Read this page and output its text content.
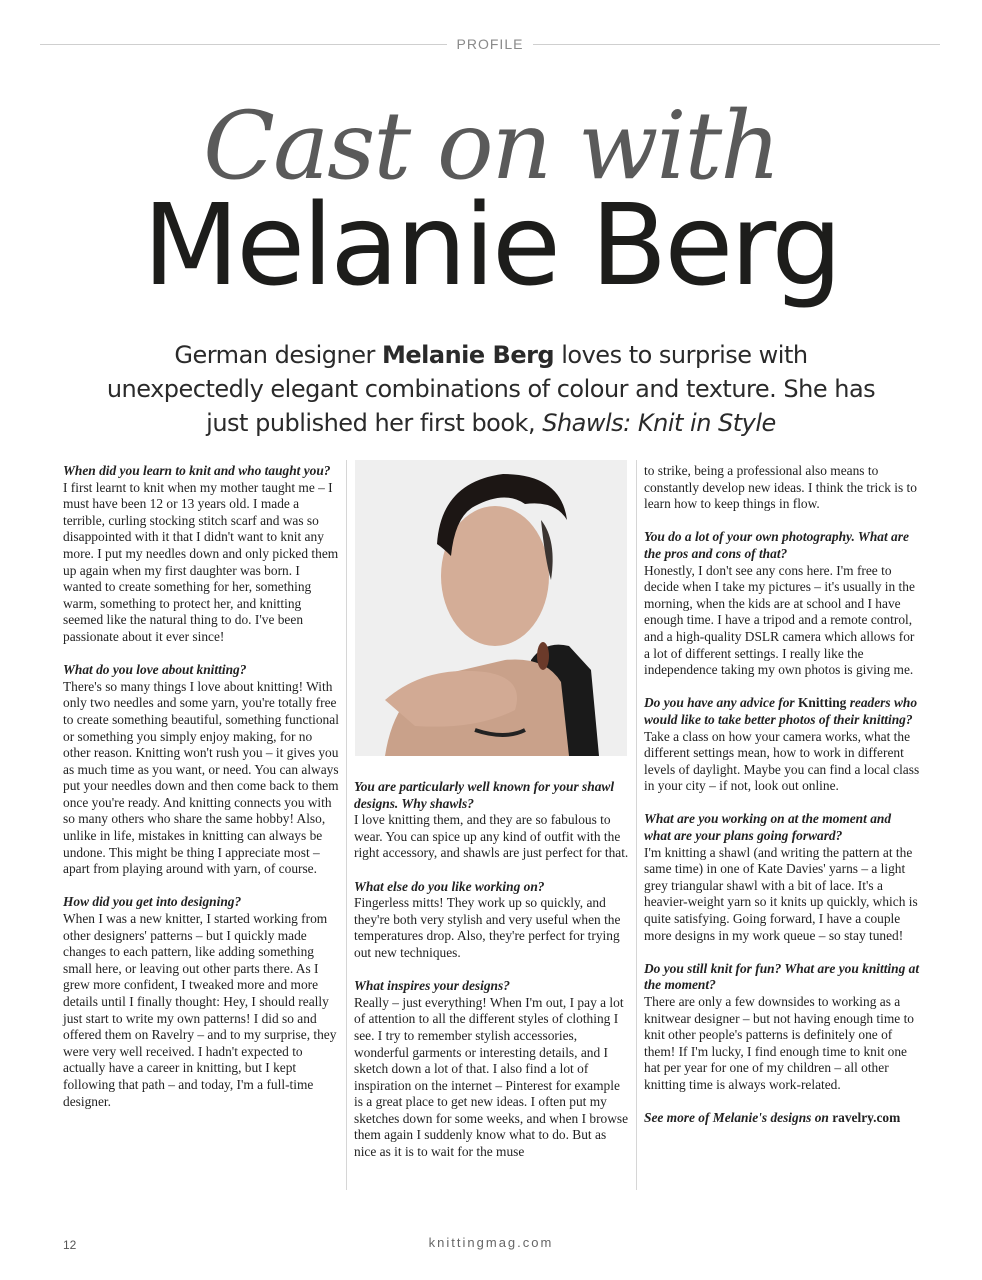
PROFILE
Cast on with
Melanie Berg
German designer Melanie Berg loves to surprise with unexpectedly elegant combinations of colour and texture. She has just published her first book, Shawls: Knit in Style

When did you learn to knit and who taught you?

I first learnt to knit when my mother taught me – I must have been 12 or 13 years old. I made a terrible, curling stocking stitch scarf and was so disappointed with it that I didn't want to knit any more. I put my needles down and only picked them up again when my first daughter was born. I wanted to create something for her, something warm, something to protect her, and knitting seemed like the natural thing to do. I've been passionate about it ever since!

What do you love about knitting?

There's so many things I love about knitting! With only two needles and some yarn, you're totally free to create something beautiful, something functional or something you simply enjoy making, for no other reason. Knitting won't rush you – it gives you as much time as you want, or need. You can always put your needles down and then come back to them once you're ready. And knitting connects you with so many others who share the same hobby! Also, unlike in life, mistakes in knitting can always be undone. This might be thing I appreciate most – apart from playing around with yarn, of course.

How did you get into designing?

When I was a new knitter, I started working from other designers' patterns – but I quickly made changes to each pattern, like adding something small here, or leaving out other parts there. As I grew more confident, I tweaked more and more details until I finally thought: Hey, I should really just start to write my own patterns! I did so and offered them on Ravelry – and to my surprise, they were very well received. I hadn't expected to actually have a career in knitting, but I kept following that path – and today, I'm a full-time designer.

You are particularly well known for your shawl designs. Why shawls?

I love knitting them, and they are so fabulous to wear. You can spice up any kind of outfit with the right accessory, and shawls are just perfect for that.

What else do you like working on?

Fingerless mitts! They work up so quickly, and they're both very stylish and very useful when the temperatures drop. Also, they're perfect for trying out new techniques.

What inspires your designs?

Really – just everything! When I'm out, I pay a lot of attention to all the different styles of clothing I see. I try to remember stylish accessories, wonderful garments or interesting details, and I sketch down a lot of that. I also find a lot of inspiration on the internet – Pinterest for example is a great place to get new ideas. I often put my sketches down for some weeks, and when I browse them again I suddenly know what to do. But as nice as it is to wait for the muse

to strike, being a professional also means to constantly develop new ideas. I think the trick is to learn how to keep things in flow.

You do a lot of your own photography. What are the pros and cons of that?

Honestly, I don't see any cons here. I'm free to decide when I take my pictures – it's usually in the morning, when the kids are at school and I have enough time. I have a tripod and a remote control, and a high-quality DSLR camera which allows for a lot of different settings. I really like the independence taking my own photos is giving me.

Do you have any advice for Knitting readers who would like to take better photos of their knitting?

Take a class on how your camera works, what the different settings mean, how to work in different levels of daylight. Maybe you can find a local class in your city – if not, look out online.

What are you working on at the moment and what are your plans going forward?

I'm knitting a shawl (and writing the pattern at the same time) in one of Kate Davies' yarns – a light grey triangular shawl with a bit of lace. It's a heavier-weight yarn so it knits up quickly, which is quite satisfying. Going forward, I have a couple more designs in my work queue – so stay tuned!

Do you still knit for fun? What are you knitting at the moment?

There are only a few downsides to working as a knitwear designer – but not having enough time to knit other people's patterns is definitely one of them! If I'm lucky, I find enough time to knit one hat per year for one of my children – all other knitting time is always work-related.

See more of Melanie's designs on ravelry.com

12	knittingmag.com
